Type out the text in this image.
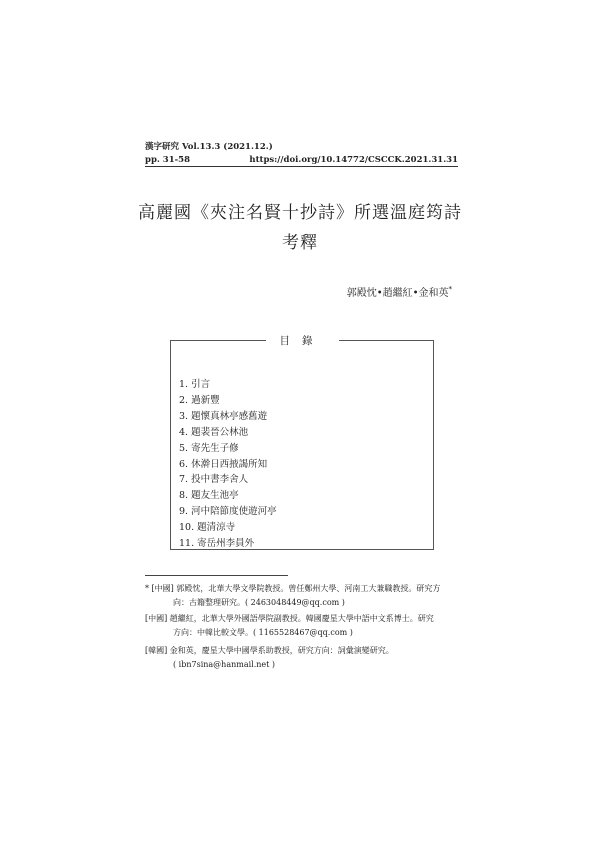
漢字研究 Vol.13.3 (2021.12.)
pp. 31-58	https://doi.org/10.14772/CSCCK.2021.31.31
高麗國《夾注名賢十抄詩》所選溫庭筠詩
考釋
郭殿忱•趙繼紅•金和英*
目錄
1. 引言
2. 過新豐
3. 題懷真林亭感舊遊
4. 題裴晉公林池
5. 寄先生子修
6. 休澣日西掖謁所知
7. 投中書李舍人
8. 題友生池亭
9. 河中陪節度使遊河亭
10. 題清涼寺
11. 寄岳州李員外
* [中國] 郭殿忱，北華大學文學院教授。曾任鄭州大學、河南工大兼職教授。研究方
向：古籍整理研究。( 2463048449@qq.com )
[中國] 趙繼紅，北華大學外國語學院副教授。韓國慶星大學中語中文系博士。研究
方向：中韓比較文學。( 1165528467@qq.com )
[韓國] 金和英，慶星大學中國學系助教授，研究方向：詞彙演變研究。
( ibn7sina@hanmail.net )
